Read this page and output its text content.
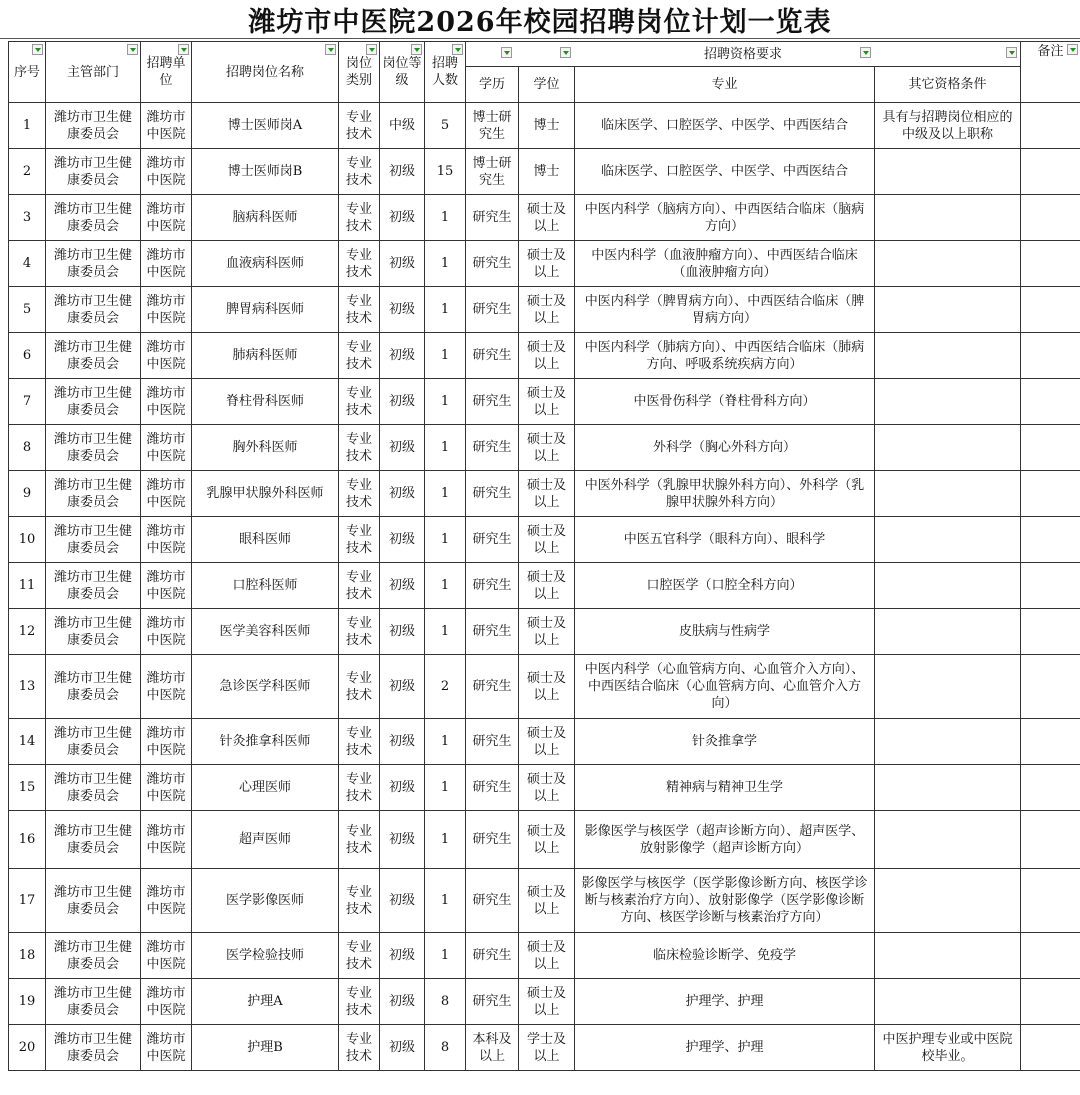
潍坊市中医院2026年校园招聘岗位计划一览表
序号	主管部门	招聘单位	招聘岗位名称	岗位类别	岗位等级	招聘人数	招聘资格要求				备注
							学历	学位	专业	其它资格条件	
1	潍坊市卫生健康委员会	潍坊市中医院	博士医师岗A	专业技术	中级	5	博士研究生	博士	临床医学、口腔医学、中医学、中西医结合	具有与招聘岗位相应的中级及以上职称	
2	潍坊市卫生健康委员会	潍坊市中医院	博士医师岗B	专业技术	初级	15	博士研究生	博士	临床医学、口腔医学、中医学、中西医结合		
3	潍坊市卫生健康委员会	潍坊市中医院	脑病科医师	专业技术	初级	1	研究生	硕士及以上	中医内科学（脑病方向）、中西医结合临床（脑病方向）		
4	潍坊市卫生健康委员会	潍坊市中医院	血液病科医师	专业技术	初级	1	研究生	硕士及以上	中医内科学（血液肿瘤方向）、中西医结合临床（血液肿瘤方向）		
5	潍坊市卫生健康委员会	潍坊市中医院	脾胃病科医师	专业技术	初级	1	研究生	硕士及以上	中医内科学（脾胃病方向）、中西医结合临床（脾胃病方向）		
6	潍坊市卫生健康委员会	潍坊市中医院	肺病科医师	专业技术	初级	1	研究生	硕士及以上	中医内科学（肺病方向）、中西医结合临床（肺病方向、呼吸系统疾病方向）		
7	潍坊市卫生健康委员会	潍坊市中医院	脊柱骨科医师	专业技术	初级	1	研究生	硕士及以上	中医骨伤科学（脊柱骨科方向）		
8	潍坊市卫生健康委员会	潍坊市中医院	胸外科医师	专业技术	初级	1	研究生	硕士及以上	外科学（胸心外科方向）		
9	潍坊市卫生健康委员会	潍坊市中医院	乳腺甲状腺外科医师	专业技术	初级	1	研究生	硕士及以上	中医外科学（乳腺甲状腺外科方向）、外科学（乳腺甲状腺外科方向）		
10	潍坊市卫生健康委员会	潍坊市中医院	眼科医师	专业技术	初级	1	研究生	硕士及以上	中医五官科学（眼科方向）、眼科学		
11	潍坊市卫生健康委员会	潍坊市中医院	口腔科医师	专业技术	初级	1	研究生	硕士及以上	口腔医学（口腔全科方向）		
12	潍坊市卫生健康委员会	潍坊市中医院	医学美容科医师	专业技术	初级	1	研究生	硕士及以上	皮肤病与性病学		
13	潍坊市卫生健康委员会	潍坊市中医院	急诊医学科医师	专业技术	初级	2	研究生	硕士及以上	中医内科学（心血管病方向、心血管介入方向）、中西医结合临床（心血管病方向、心血管介入方向）		
14	潍坊市卫生健康委员会	潍坊市中医院	针灸推拿科医师	专业技术	初级	1	研究生	硕士及以上	针灸推拿学		
15	潍坊市卫生健康委员会	潍坊市中医院	心理医师	专业技术	初级	1	研究生	硕士及以上	精神病与精神卫生学		
16	潍坊市卫生健康委员会	潍坊市中医院	超声医师	专业技术	初级	1	研究生	硕士及以上	影像医学与核医学（超声诊断方向）、超声医学、放射影像学（超声诊断方向）		
17	潍坊市卫生健康委员会	潍坊市中医院	医学影像医师	专业技术	初级	1	研究生	硕士及以上	影像医学与核医学（医学影像诊断方向、核医学诊断与核素治疗方向）、放射影像学（医学影像诊断方向、核医学诊断与核素治疗方向）		
18	潍坊市卫生健康委员会	潍坊市中医院	医学检验技师	专业技术	初级	1	研究生	硕士及以上	临床检验诊断学、免疫学		
19	潍坊市卫生健康委员会	潍坊市中医院	护理A	专业技术	初级	8	研究生	硕士及以上	护理学、护理		
20	潍坊市卫生健康委员会	潍坊市中医院	护理B	专业技术	初级	8	本科及以上	学士及以上	护理学、护理	中医护理专业或中医院校毕业。	
